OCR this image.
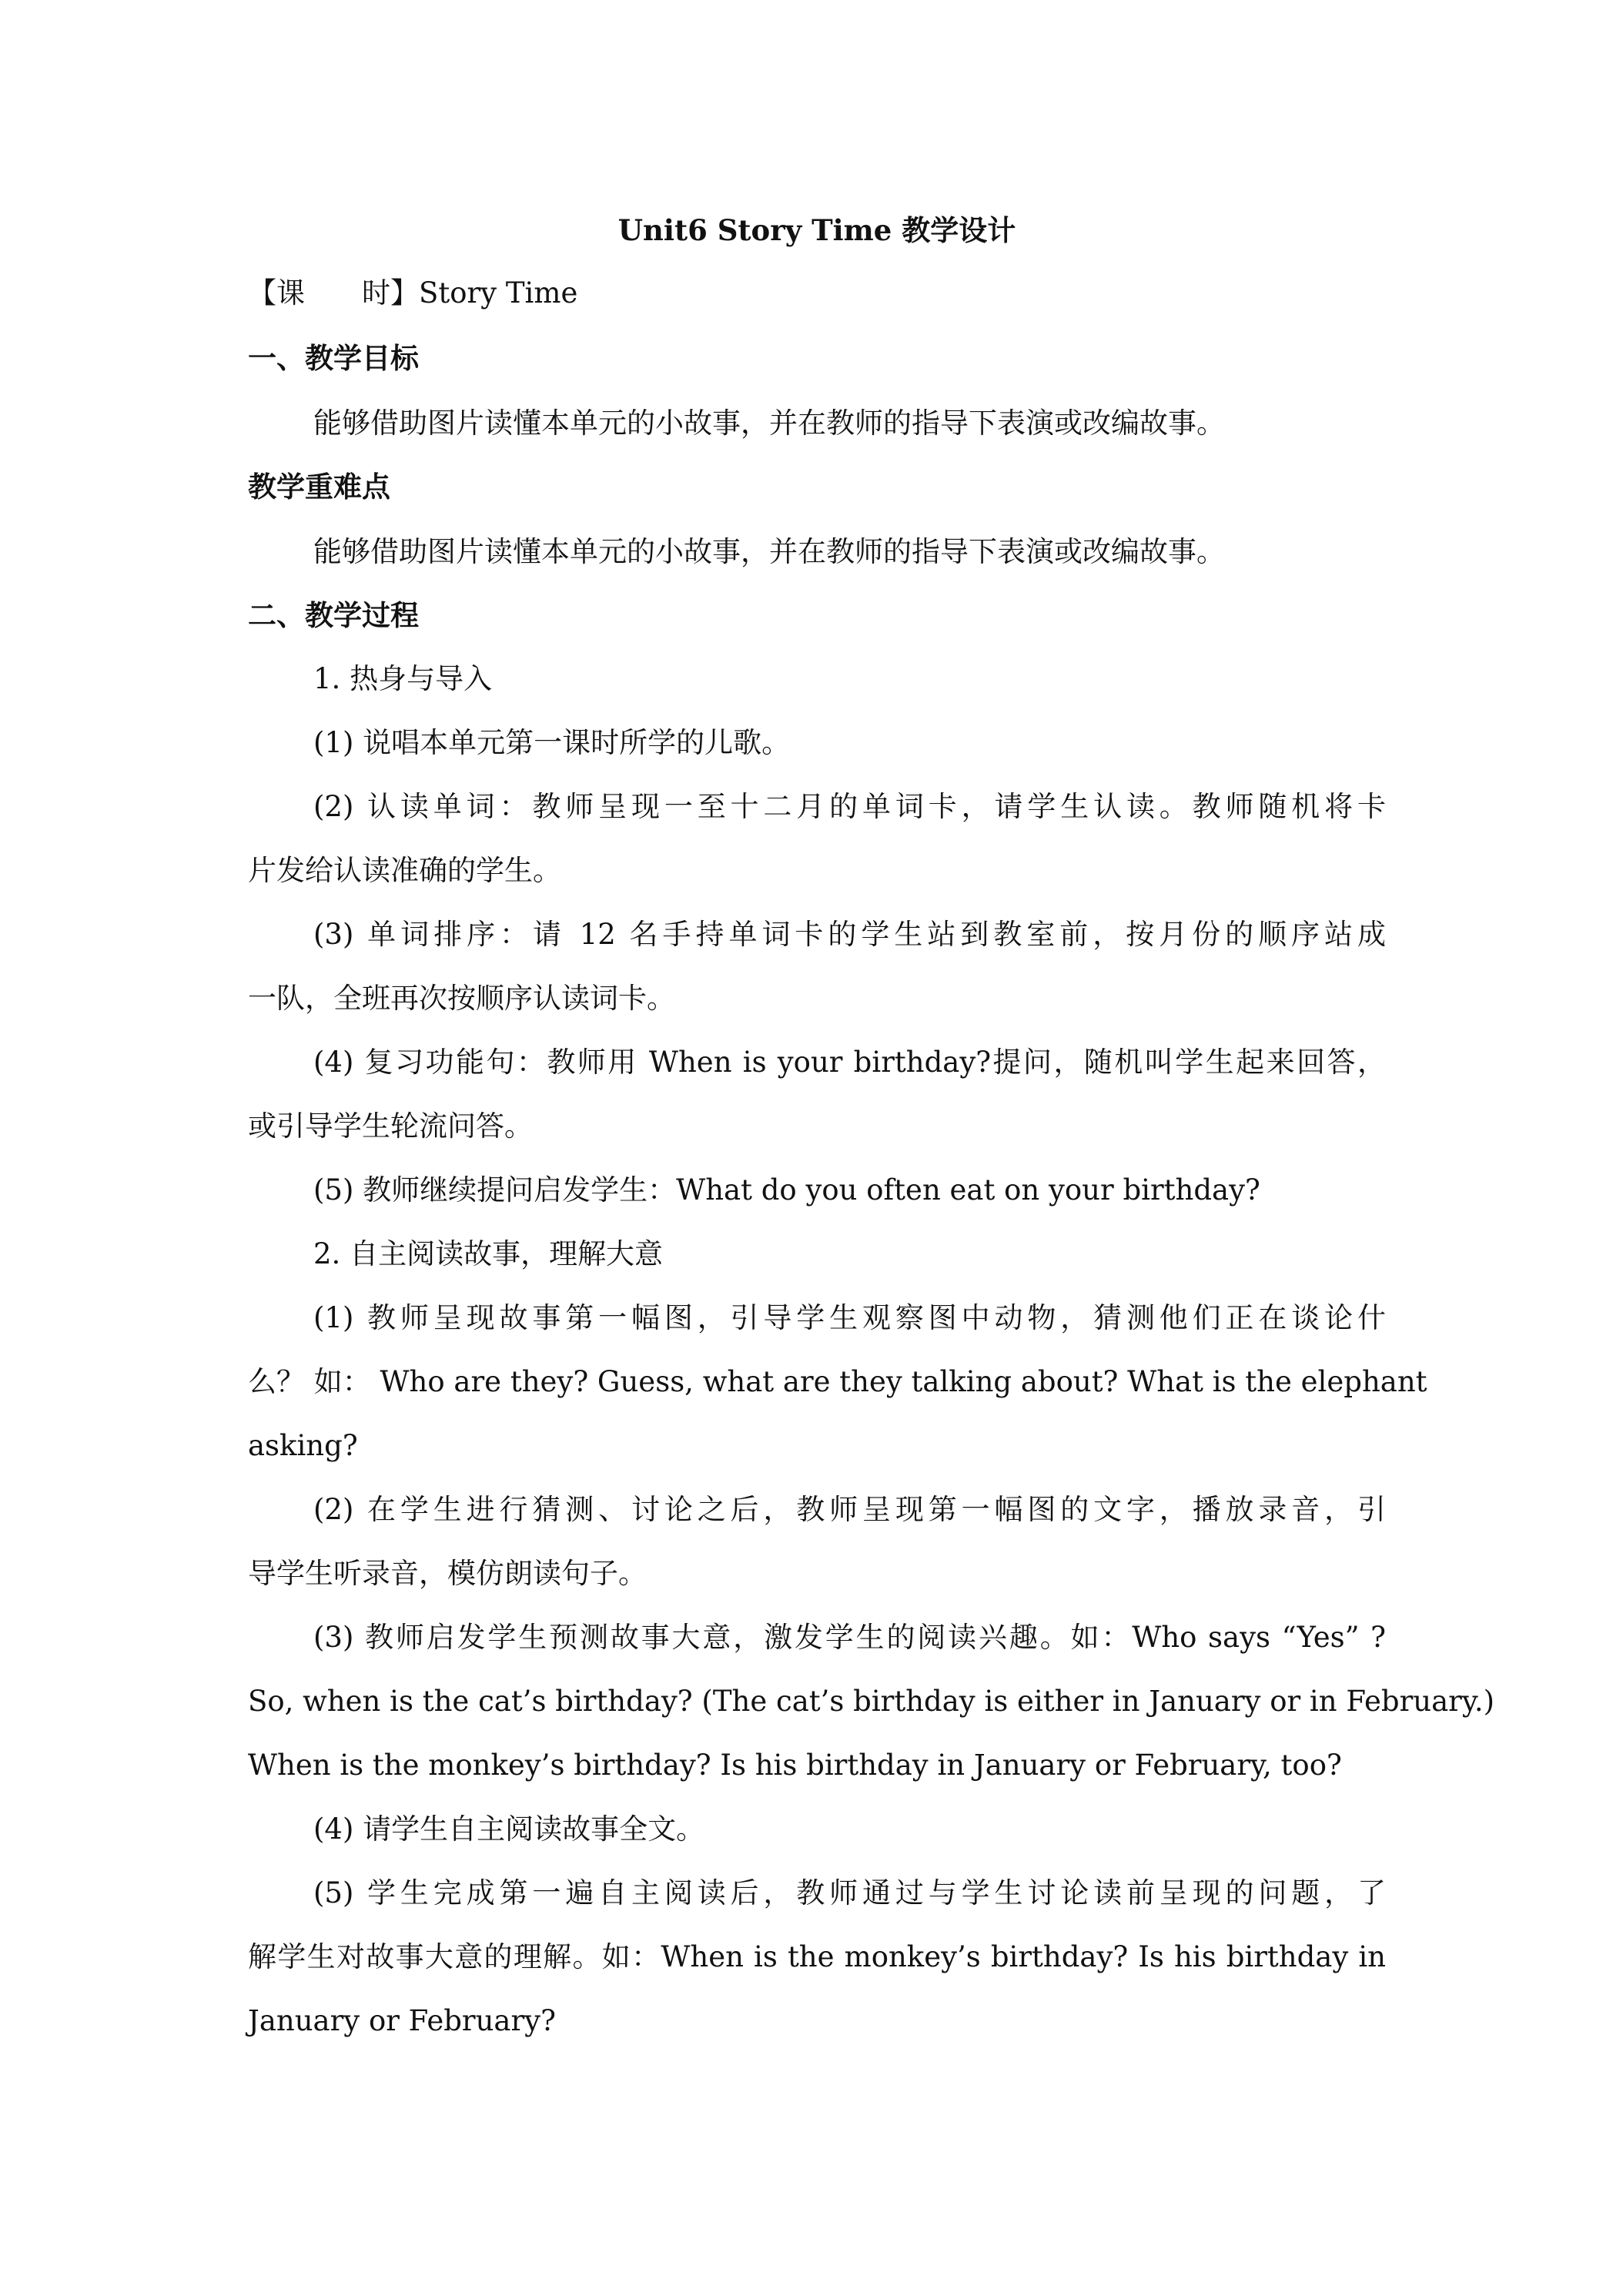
Unit6 Story Time 教学设计
【课 时】Story Time
一、教学目标
能够借助图片读懂本单元的小故事，并在教师的指导下表演或改编故事。
教学重难点
能够借助图片读懂本单元的小故事，并在教师的指导下表演或改编故事。
二、教学过程
1. 热身与导入
(1) 说唱本单元第一课时所学的儿歌。
(2) 认读单词：教师呈现一至十二月的单词卡，请学生认读。教师随机将卡
片发给认读准确的学生。
(3) 单词排序：请 12 名手持单词卡的学生站到教室前，按月份的顺序站成
一队，全班再次按顺序认读词卡。
(4) 复习功能句：教师用 When is your birthday?提问，随机叫学生起来回答，
或引导学生轮流问答。
(5) 教师继续提问启发学生：What do you often eat on your birthday?
2. 自主阅读故事，理解大意
(1) 教师呈现故事第一幅图，引导学生观察图中动物，猜测他们正在谈论什
么？ 如： Who are they? Guess, what are they talking about? What is the elephant
asking?
(2) 在学生进行猜测、讨论之后，教师呈现第一幅图的文字，播放录音，引
导学生听录音，模仿朗读句子。
(3) 教师启发学生预测故事大意，激发学生的阅读兴趣。如：Who says “Yes” ?
So, when is the cat’s birthday? (The cat’s birthday is either in January or in February.)
When is the monkey’s birthday? Is his birthday in January or February, too?
(4) 请学生自主阅读故事全文。
(5) 学生完成第一遍自主阅读后，教师通过与学生讨论读前呈现的问题，了
解学生对故事大意的理解。如：When is the monkey’s birthday? Is his birthday in
January or February?
